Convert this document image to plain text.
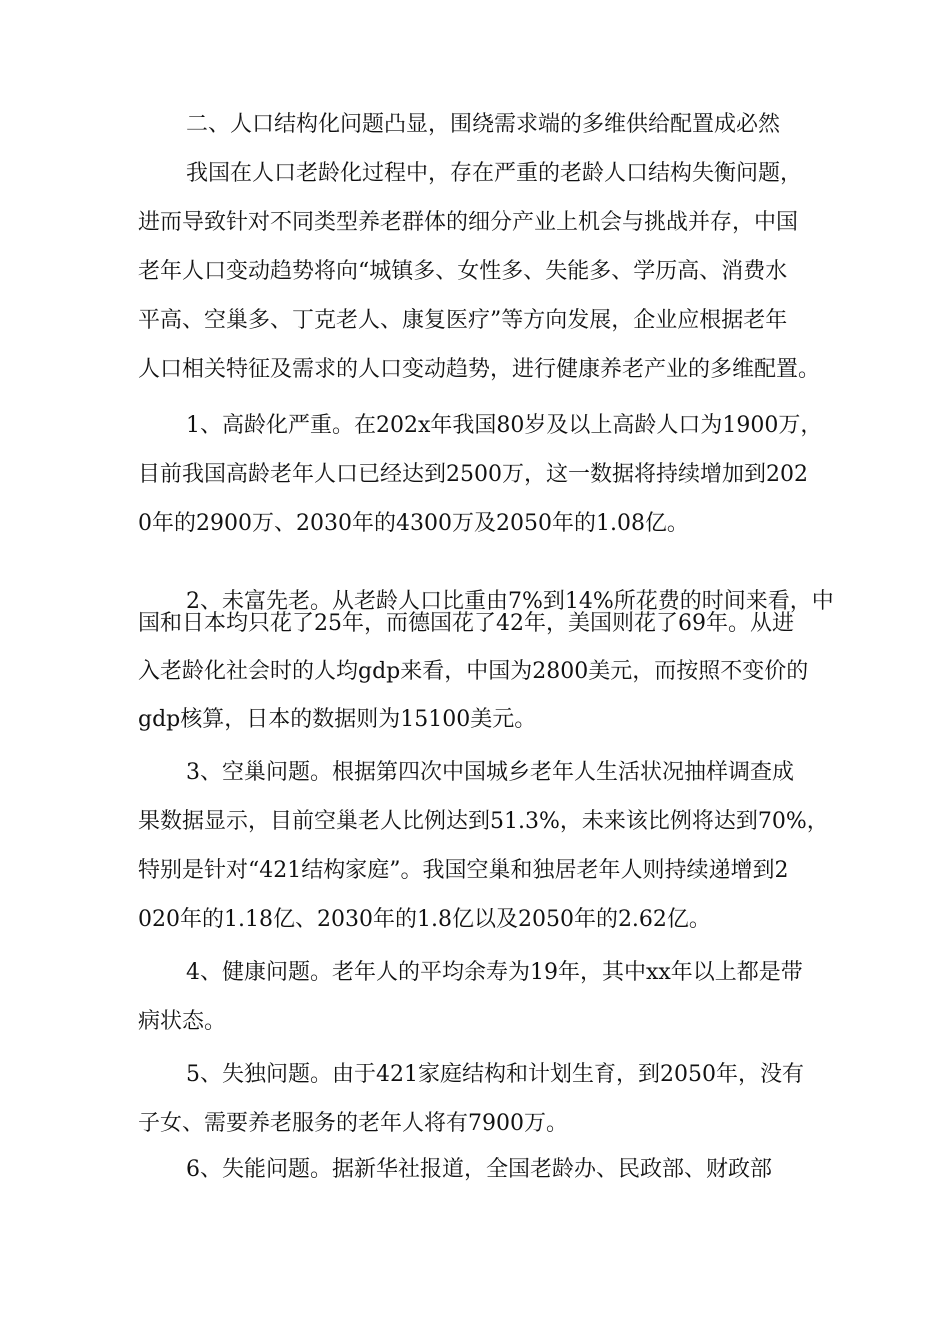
二、人口结构化问题凸显，围绕需求端的多维供给配置成必然
我国在人口老龄化过程中，存在严重的老龄人口结构失衡问题，
进而导致针对不同类型养老群体的细分产业上机会与挑战并存，中国
老年人口变动趋势将向“城镇多、女性多、失能多、学历高、消费水
平高、空巢多、丁克老人、康复医疗”等方向发展，企业应根据老年
人口相关特征及需求的人口变动趋势，进行健康养老产业的多维配置。
1、高龄化严重。在202x年我国80岁及以上高龄人口为1900万，
目前我国高龄老年人口已经达到2500万，这一数据将持续增加到202
0年的2900万、2030年的4300万及2050年的1.08亿。
2、未富先老。从老龄人口比重由7%到14%所花费的时间来看，中
国和日本均只花了25年，而德国花了42年，美国则花了69年。从进
入老龄化社会时的人均gdp来看，中国为2800美元，而按照不变价的
gdp核算，日本的数据则为15100美元。
3、空巢问题。根据第四次中国城乡老年人生活状况抽样调查成
果数据显示，目前空巢老人比例达到51.3%，未来该比例将达到70%，
特别是针对“421结构家庭”。我国空巢和独居老年人则持续递增到2
020年的1.18亿、2030年的1.8亿以及2050年的2.62亿。
4、健康问题。老年人的平均余寿为19年，其中xx年以上都是带
病状态。
5、失独问题。由于421家庭结构和计划生育，到2050年，没有
子女、需要养老服务的老年人将有7900万。
6、失能问题。据新华社报道，全国老龄办、民政部、财政部
